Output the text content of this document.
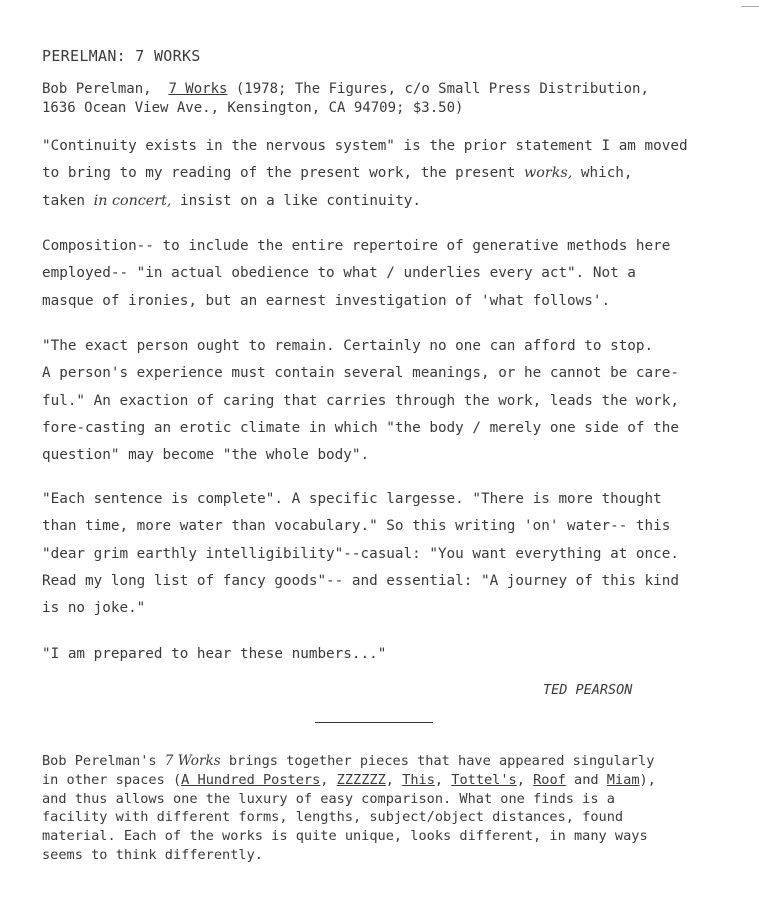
PERELMAN: 7 WORKS
Bob Perelman, 7 Works (1978; The Figures, c/o Small Press Distribution,
1636 Ocean View Ave., Kensington, CA 94709; $3.50)
"Continuity exists in the nervous system" is the prior statement I am moved
to bring to my reading of the present work, the present works, which,
taken in concert, insist on a like continuity.
Composition-- to include the entire repertoire of generative methods here
employed-- "in actual obedience to what / underlies every act". Not a
masque of ironies, but an earnest investigation of 'what follows'.
"The exact person ought to remain. Certainly no one can afford to stop.
A person's experience must contain several meanings, or he cannot be care-
ful." An exaction of caring that carries through the work, leads the work,
fore-casting an erotic climate in which "the body / merely one side of the
question" may become "the whole body".
"Each sentence is complete". A specific largesse. "There is more thought
than time, more water than vocabulary." So this writing 'on' water-- this
"dear grim earthly intelligibility"--casual: "You want everything at once.
Read my long list of fancy goods"-- and essential: "A journey of this kind
is no joke."
"I am prepared to hear these numbers..."
TED PEARSON
Bob Perelman's 7 Works brings together pieces that have appeared singularly
in other spaces (A Hundred Posters, ZZZZZZ, This, Tottel's, Roof and Miam),
and thus allows one the luxury of easy comparison. What one finds is a
facility with different forms, lengths, subject/object distances, found
material. Each of the works is quite unique, looks different, in many ways
seems to think differently.
